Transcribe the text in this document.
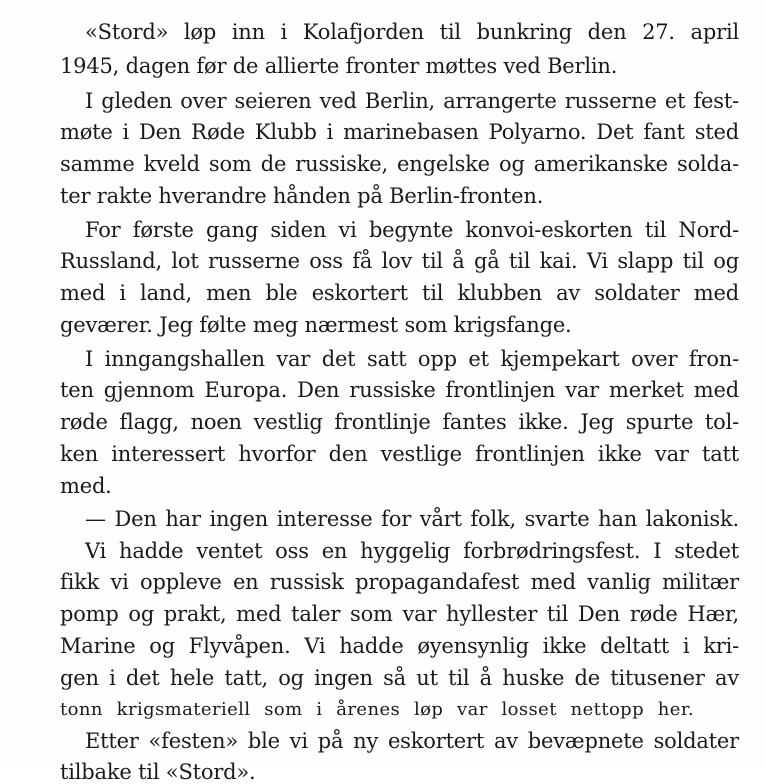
«Stord» løp inn i Kolafjorden til bunkring den 27. april
1945, dagen før de allierte fronter møttes ved Berlin.
I gleden over seieren ved Berlin, arrangerte russerne et fest-
møte i Den Røde Klubb i marinebasen Polyarno. Det fant sted
samme kveld som de russiske, engelske og amerikanske soldа-
ter rakte hverandre hånden på Berlin-fronten.
For første gang siden vi begynte konvoi-eskorten til Nord-
Russland, lot russerne oss få lov til å gå til kai. Vi slapp til og
med i land, men ble eskortert til klubben av soldater med
geværer. Jeg følte meg nærmest som krigsfange.
I inngangshallen var det satt opp et kjempekart over fron-
ten gjennom Europa. Den russiske frontlinjen var merket med
røde flagg, noen vestlig frontlinje fantes ikke. Jeg spurte tol-
ken interessert hvorfor den vestlige frontlinjen ikke var tatt
med.
— Den har ingen interesse for vårt folk, svarte han lakonisk.
Vi hadde ventet oss en hyggelig forbrødringsfest. I stedet
fikk vi oppleve en russisk propagandafest med vanlig militær
pomp og prakt, med taler som var hyllester til Den røde Hær,
Marine og Flyvåpen. Vi hadde øyensynlig ikke deltatt i kri-
gen i det hele tatt, og ingen så ut til å huske de titusener av
tonn krigsmateriell som i årenes løp var losset nettopp her.
Etter «festen» ble vi på ny eskortert av bevæpnete soldater
tilbake til «Stord».
